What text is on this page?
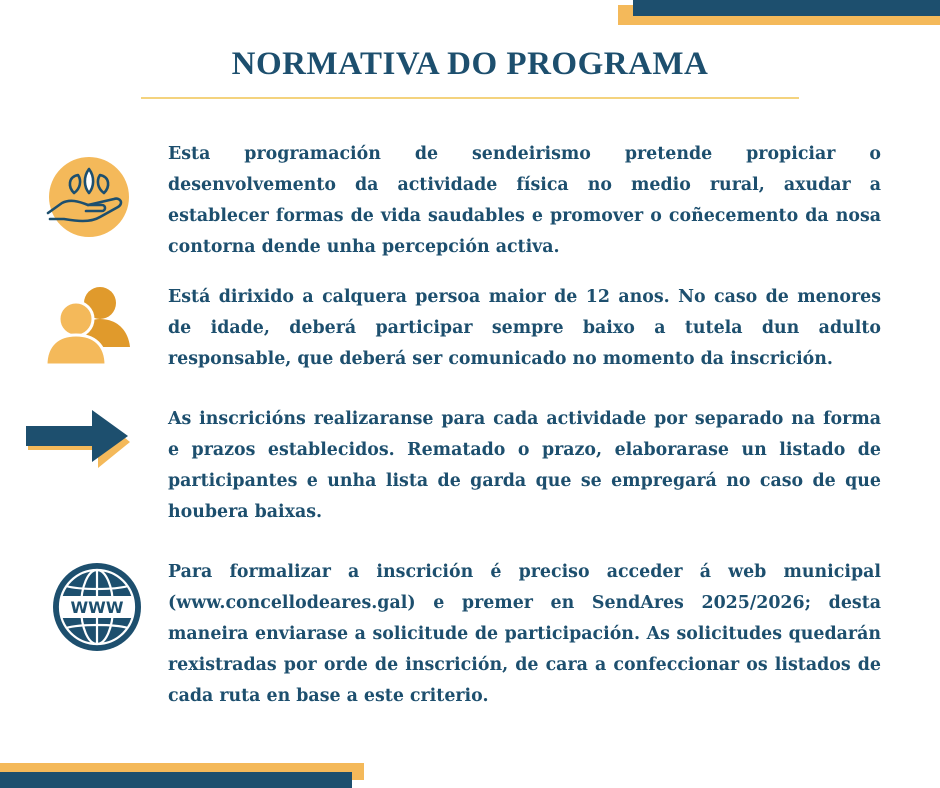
NORMATIVA DO PROGRAMA

Esta programación de sendeirismo pretende propiciar o desenvolvemento da actividade física no medio rural, axudar a establecer formas de vida saudables e promover o coñecemento da nosa contorna dende unha percepción activa.

Está dirixido a calquera persoa maior de 12 anos. No caso de menores de idade, deberá participar sempre baixo a tutela dun adulto responsable, que deberá ser comunicado no momento da inscrición.

As inscricións realizaranse para cada actividade por separado na forma e prazos establecidos. Rematado o prazo, elaborarase un listado de participantes e unha lista de garda que se empregará no caso de que houbera baixas.

WWW

Para formalizar a inscrición é preciso acceder á web municipal (www.concellodeares.gal) e premer en SendAres 2025/2026; desta maneira enviarase a solicitude de participación. As solicitudes quedarán rexistradas por orde de inscrición, de cara a confeccionar os listados de cada ruta en base a este criterio.
